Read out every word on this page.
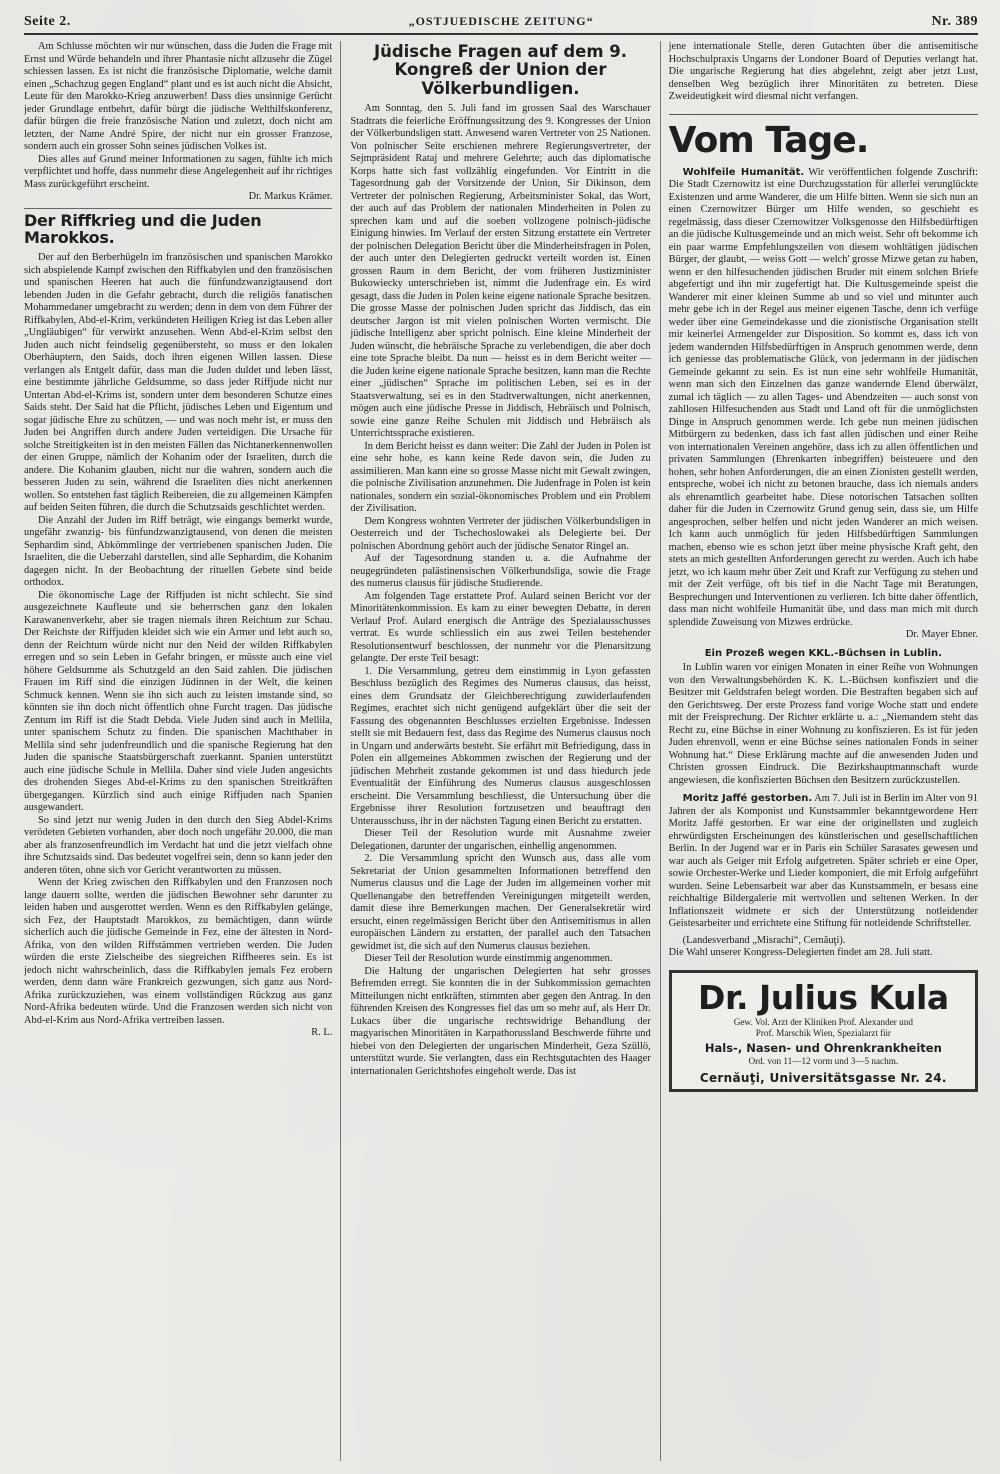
Seite 2.	„OSTJUEDISCHE ZEITUNG“	Nr. 389

Am Schlusse möchten wir nur wünschen, dass die Juden die Frage mit Ernst und Würde behandeln und ihrer Phantasie nicht allzusehr die Zügel schiessen lassen. Es ist nicht die französische Diplomatie, welche damit einen „Schachzug gegen England“ plant und es ist auch nicht die Absicht, Leute für den Marokko-Krieg anzuwerben! Dass dies unsinnige Gerücht jeder Grundlage entbehrt, dafür bürgt die jüdische Welthilfskonferenz, dafür bürgen die freie französische Nation und zuletzt, doch nicht am letzten, der Name André Spire, der nicht nur ein grosser Franzose, sondern auch ein grosser Sohn seines jüdischen Volkes ist.

Dies alles auf Grund meiner Informationen zu sagen, fühlte ich mich verpflichtet und hoffe, dass nunmehr diese Angelegenheit auf ihr richtiges Mass zurückgeführt erscheint.

Dr. Markus Krämer.

Der Riffkrieg und die Juden Marokkos.

Der auf den Berberhügeln im französischen und spanischen Marokko sich abspielende Kampf zwischen den Riffkabylen und den französischen und spanischen Heeren hat auch die fünfundzwanzigtausend dort lebenden Juden in die Gefahr gebracht, durch die religiös fanatischen Mohammedaner umgebracht zu werden; denn in dem von dem Führer der Riffkabylen, Abd-el-Krim, verkündeten Heiligen Krieg ist das Leben aller „Ungläubigen“ für verwirkt anzusehen. Wenn Abd-el-Krim selbst den Juden auch nicht feindselig gegenübersteht, so muss er den lokalen Oberhäuptern, den Saids, doch ihren eigenen Willen lassen. Diese verlangen als Entgelt dafür, dass man die Juden duldet und leben lässt, eine bestimmte jährliche Geldsumme, so dass jeder Riffjude nicht nur Untertan Abd-el-Krims ist, sondern unter dem besonderen Schutze eines Saids steht. Der Said hat die Pflicht, jüdisches Leben und Eigentum und sogar jüdische Ehre zu schützen, — und was noch mehr ist, er muss den Juden bei Angriffen durch andere Juden verteidigen. Die Ursache für solche Streitigkeiten ist in den meisten Fällen das Nichtanerkennenwollen der einen Gruppe, nämlich der Kohanim oder der Israeliten, durch die andere. Die Kohanim glauben, nicht nur die wahren, sondern auch die besseren Juden zu sein, während die Israeliten dies nicht anerkennen wollen. So entstehen fast täglich Reibereien, die zu allgemeinen Kämpfen auf beiden Seiten führen, die durch die Schutzsaids geschlichtet werden.

Die Anzahl der Juden im Riff beträgt, wie eingangs bemerkt wurde, ungefähr zwanzig- bis fünfundzwanzigtausend, von denen die meisten Sephardim sind, Abkömmlinge der vertriebenen spanischen Juden. Die Israeliten, die die Ueberzahl darstellen, sind alle Sephardim, die Kohanim dagegen nicht. In der Beobachtung der rituellen Gebete sind beide orthodox.

Die ökonomische Lage der Riffjuden ist nicht schlecht. Sie sind ausgezeichnete Kaufleute und sie beherrschen ganz den lokalen Karawanenverkehr, aber sie tragen niemals ihren Reichtum zur Schau. Der Reichste der Riffjuden kleidet sich wie ein Armer und lebt auch so, denn der Reichtum würde nicht nur den Neid der wilden Riffkabylen erregen und so sein Leben in Gefahr bringen, er müsste auch eine viel höhere Geldsumme als Schutzgeld an den Said zahlen. Die jüdischen Frauen im Riff sind die einzigen Jüdinnen in der Welt, die keinen Schmuck kennen. Wenn sie ihn sich auch zu leisten imstande sind, so könnten sie ihn doch nicht öffentlich ohne Furcht tragen. Das jüdische Zentum im Riff ist die Stadt Debda. Viele Juden sind auch in Mellila, unter spanischem Schutz zu finden. Die spanischen Machthaber in Mellila sind sehr judenfreundlich und die spanische Regierung hat den Juden die spanische Staatsbürgerschaft zuerkannt. Spanien unterstützt auch eine jüdische Schule in Mellila. Daher sind viele Juden angesichts des drohenden Sieges Abd-el-Krims zu den spanischen Streitkräften übergegangen. Kürzlich sind auch einige Riffjuden nach Spanien ausgewandert.

So sind jetzt nur wenig Juden in den durch den Sieg Abdel-Krims verödeten Gebieten vorhanden, aber doch noch ungefähr 20.000, die man aber als franzosenfreundlich im Verdacht hat und die jetzt vielfach ohne ihre Schutzsaids sind. Das bedeutet vogelfrei sein, denn so kann jeder den anderen töten, ohne sich vor Gericht verantworten zu müssen.

Wenn der Krieg zwischen den Riffkabylen und den Franzosen noch lange dauern sollte, werden die jüdischen Bewohner sehr darunter zu leiden haben und ausgerottet werden. Wenn es den Riffkabylen gelänge, sich Fez, der Hauptstadt Marokkos, zu bemächtigen, dann würde sicherlich auch die jüdische Gemeinde in Fez, eine der ältesten in Nord-Afrika, von den wilden Riffstämmen vertrieben werden. Die Juden würden die erste Zielscheibe des siegreichen Riffheeres sein. Es ist jedoch nicht wahrscheinlich, dass die Riffkabylen jemals Fez erobern werden, denn dann wäre Frankreich gezwungen, sich ganz aus Nord-Afrika zurückzuziehen, was einem vollständigen Rückzug aus ganz Nord-Afrika bedeuten würde. Und die Franzosen werden sich nicht von Abd-el-Krim aus Nord-Afrika vertreiben lassen.

R. L.

Jüdische Fragen auf dem 9. Kongreß der Union der Völkerbundligen.

Am Sonntag, den 5. Juli fand im grossen Saal des Warschauer Stadtrats die feierliche Eröffnungssitzung des 9. Kongresses der Union der Völkerbundsligen statt. Anwesend waren Vertreter von 25 Nationen. Von polnischer Seite erschienen mehrere Regierungsvertreter, der Sejmpräsident Rataj und mehrere Gelehrte; auch das diplomatische Korps hatte sich fast vollzählig eingefunden. Vor Eintritt in die Tagesordnung gab der Vorsitzende der Union, Sir Dikinson, dem Vertreter der polnischen Regierung, Arbeitsminister Sokal, das Wort, der auch auf das Problem der nationalen Minderheiten in Polen zu sprechen kam und auf die soeben vollzogene polnisch-jüdische Einigung hinwies. Im Verlauf der ersten Sitzung erstattete ein Vertreter der polnischen Delegation Bericht über die Minderheitsfragen in Polen, der auch unter den Delegierten gedruckt verteilt worden ist. Einen grossen Raum in dem Bericht, der vom früheren Justizminister Bukowiecky unterschrieben ist, nimmt die Judenfrage ein. Es wird gesagt, dass die Juden in Polen keine eigene nationale Sprache besitzen. Die grosse Masse der polnischen Juden spricht das Jiddisch, das ein deutscher Jargon ist mit vielen polnischen Worten vermischt. Die jüdische Intelligenz aber spricht polnisch. Eine kleine Minderheit der Juden wünscht, die hebräische Sprache zu verlebendigen, die aber doch eine tote Sprache bleibt. Da nun — heisst es in dem Bericht weiter — die Juden keine eigene nationale Sprache besitzen, kann man die Rechte einer „jüdischen“ Sprache im politischen Leben, sei es in der Staatsverwaltung, sei es in den Stadtverwaltungen, nicht anerkennen, mögen auch eine jüdische Presse in Jiddisch, Hebräisch und Polnisch, sowie eine ganze Reihe Schulen mit Jiddisch und Hebräisch als Unterrichtssprache existieren.

In dem Bericht heisst es dann weiter: Die Zahl der Juden in Polen ist eine sehr hohe, es kann keine Rede davon sein, die Juden zu assimilieren. Man kann eine so grosse Masse nicht mit Gewalt zwingen, die polnische Zivilisation anzunehmen. Die Judenfrage in Polen ist kein nationales, sondern ein sozial-ökonomisches Problem und ein Problem der Zivilisation.

Dem Kongress wohnten Vertreter der jüdischen Völkerbundsligen in Oesterreich und der Tschechoslowakei als Delegierte bei. Der polnischen Abordnung gehört auch der jüdische Senator Ringel an.

Auf der Tagesordnung standen u. a. die Aufnahme der neugegründeten palästinensischen Völkerbundsliga, sowie die Frage des numerus clausus für jüdische Studierende.

Am folgenden Tage erstattete Prof. Aulard seinen Bericht vor der Minoritätenkommission. Es kam zu einer bewegten Debatte, in deren Verlauf Prof. Aulard energisch die Anträge des Spezialausschusses vertrat. Es wurde schliesslich ein aus zwei Teilen bestehender Resolutionsentwurf beschlossen, der nunmehr vor die Plenarsitzung gelangte. Der erste Teil besagt:

1. Die Versammlung, getreu dem einstimmig in Lyon gefassten Beschluss bezüglich des Regimes des Numerus clausus, das heisst, eines dem Grundsatz der Gleichberechtigung zuwiderlaufenden Regimes, erachtet sich nicht genügend aufgeklärt über die seit der Fassung des obgenannten Beschlusses erzielten Ergebnisse. Indessen stellt sie mit Bedauern fest, dass das Regime des Numerus clausus noch in Ungarn und anderwärts besteht. Sie erfährt mit Befriedigung, dass in Polen ein allgemeines Abkommen zwischen der Regierung und der jüdischen Mehrheit zustande gekommen ist und dass hiedurch jede Eventualität der Einführung des Numerus clausus ausgeschlossen erscheint. Die Versammlung beschliesst, die Untersuchung über die Ergebnisse ihrer Resolution fortzusetzen und beauftragt den Unterausschuss, ihr in der nächsten Tagung einen Bericht zu erstatten.

Dieser Teil der Resolution wurde mit Ausnahme zweier Delegationen, darunter der ungarischen, einhellig angenommen.

2. Die Versammlung spricht den Wunsch aus, dass alle vom Sekretariat der Union gesammelten Informationen betreffend den Numerus clausus und die Lage der Juden im allgemeinen vorher mit Quellenangabe den betreffenden Vereinigungen mitgeteilt werden, damit diese ihre Bemerkungen machen. Der Generalsekretär wird ersucht, einen regelmässigen Bericht über den Antisemitismus in allen europäischen Ländern zu erstatten, der parallel auch den Tatsachen gewidmet ist, die sich auf den Numerus clausus beziehen.

Dieser Teil der Resolution wurde einstimmig angenommen.

Die Haltung der ungarischen Delegierten hat sehr grosses Befremden erregt. Sie konnten die in der Subkommission gemachten Mitteilungen nicht entkräften, stimmten aber gegen den Antrag. In den führenden Kreisen des Kongresses fiel das um so mehr auf, als Herr Dr. Lukacs über die ungarische rechtswidrige Behandlung der magyarischen Minoritäten in Karpathorussland Beschwerde führte und hiebei von den Delegierten der ungarischen Minderheit, Geza Szüllö, unterstützt wurde. Sie verlangten, dass ein Rechtsgutachten des Haager internationalen Gerichtshofes eingeholt werde. Das ist

jene internationale Stelle, deren Gutachten über die antisemitische Hochschulpraxis Ungarns der Londoner Board of Deputies verlangt hat. Die ungarische Regierung hat dies abgelehnt, zeigt aber jetzt Lust, denselben Weg bezüglich ihrer Minoritäten zu betreten. Diese Zweideutigkeit wird diesmal nicht verfangen.

Vom Tage.

Wohlfeile Humanität. Wir veröffentlichen folgende Zuschrift: Die Stadt Czernowitz ist eine Durchzugsstation für allerlei verunglückte Existenzen und arme Wanderer, die um Hilfe bitten. Wenn sie sich nun an einen Czernowitzer Bürger um Hilfe wenden, so geschieht es regelmässig, dass dieser Czernowitzer Volksgenosse den Hilfsbedürftigen an die jüdische Kultusgemeinde und an mich weist. Sehr oft bekomme ich ein paar warme Empfehlungszeilen von diesem wohltätigen jüdischen Bürger, der glaubt, — weiss Gott — welch' grosse Mizwe getan zu haben, wenn er den hilfesuchenden jüdischen Bruder mit einem solchen Briefe abgefertigt und ihn mir zugefertigt hat. Die Kultusgemeinde speist die Wanderer mit einer kleinen Summe ab und so viel und mitunter auch mehr gebe ich in der Regel aus meiner eigenen Tasche, denn ich verfüge weder über eine Gemeindekasse und die zionistische Organisation stellt mir keinerlei Armengelder zur Disposition. So kommt es, dass ich von jedem wandernden Hilfsbedürftigen in Anspruch genommen werde, denn ich geniesse das problematische Glück, von jedermann in der jüdischen Gemeinde gekannt zu sein. Es ist nun eine sehr wohlfeile Humanität, wenn man sich den Einzelnen das ganze wandernde Elend überwälzt, zumal ich täglich — zu allen Tages- und Abendzeiten — auch sonst von zahllosen Hilfesuchenden aus Stadt und Land oft für die unmöglichsten Dinge in Anspruch genommen werde. Ich gebe nun meinen jüdischen Mitbürgern zu bedenken, dass ich fast allen jüdischen und einer Reihe von internationalen Vereinen angehöre, dass ich zu allen öffentlichen und privaten Sammlungen (Ehrenkarten inbegriffen) beisteuere und den hohen, sehr hohen Anforderungen, die an einen Zionisten gestellt werden, entspreche, wobei ich nicht zu betonen brauche, dass ich niemals anders als ehrenamtlich gearbeitet habe. Diese notorischen Tatsachen sollten daher für die Juden in Czernowitz Grund genug sein, dass sie, um Hilfe angesprochen, selber helfen und nicht jeden Wanderer an mich weisen. Ich kann auch unmöglich für jeden Hilfsbedürftigen Sammlungen machen, ebenso wie es schon jetzt über meine physische Kraft geht, den stets an mich gestellten Anforderungen gerecht zu werden. Auch ich habe jetzt, wo ich kaum mehr über Zeit und Kraft zur Verfügung zu stehen und mit der Zeit verfüge, oft bis tief in die Nacht Tage mit Beratungen, Besprechungen und Interventionen zu verlieren. Ich bitte daher öffentlich, dass man nicht wohlfeile Humanität übe, und dass man mich mit durch splendide Zuweisung von Mizwes erdrücke.

Dr. Mayer Ebner.

Ein Prozeß wegen KKL.-Büchsen in Lublin.

In Lublin waren vor einigen Monaten in einer Reihe von Wohnungen von den Verwaltungsbehörden K. K. L.-Büchsen konfisziert und die Besitzer mit Geldstrafen belegt worden. Die Bestraften begaben sich auf den Gerichtsweg. Der erste Prozess fand vorige Woche statt und endete mit der Freisprechung. Der Richter erklärte u. a.: „Niemandem steht das Recht zu, eine Büchse in einer Wohnung zu konfiszieren. Es ist für jeden Juden ehrenvoll, wenn er eine Büchse seines nationalen Fonds in seiner Wohnung hat.“ Diese Erklärung machte auf die anwesenden Juden und Christen grossen Eindruck. Die Bezirkshauptmannschaft wurde angewiesen, die konfiszierten Büchsen den Besitzern zurückzustellen.

Moritz Jaffé gestorben. Am 7. Juli ist in Berlin im Alter von 91 Jahren der als Komponist und Kunstsammler bekanntgewordene Herr Moritz Jaffé gestorben. Er war eine der originellsten und zugleich ehrwürdigsten Erscheinungen des künstlerischen und gesellschaftlichen Berlin. In der Jugend war er in Paris ein Schüler Sarasates gewesen und war auch als Geiger mit Erfolg aufgetreten. Später schrieb er eine Oper, sowie Orchester-Werke und Lieder komponiert, die mit Erfolg aufgeführt wurden. Seine Lebensarbeit war aber das Kunstsammeln, er besass eine reichhaltige Bildergalerie mit wertvollen und seltenen Werken. In der Inflationszeit widmete er sich der Unterstützung notleidender Geistesarbeiter und errichtete eine Stiftung für notleidende Schriftsteller.

(Landesverband „Misrachi“, Cernăuţi).

Die Wahl unserer Kongress-Delegierten findet am 28. Juli statt.

Dr. Julius Kula
Gew. Vol. Arzt der Kliniken Prof. Alexander und
Prof. Marschik Wien, Spezialarzt für
Hals-, Nasen- und Ohrenkrankheiten
Ord. von 11—12 vorm und 3—5 nachm.
Cernăuţi, Universitätsgasse Nr. 24.
